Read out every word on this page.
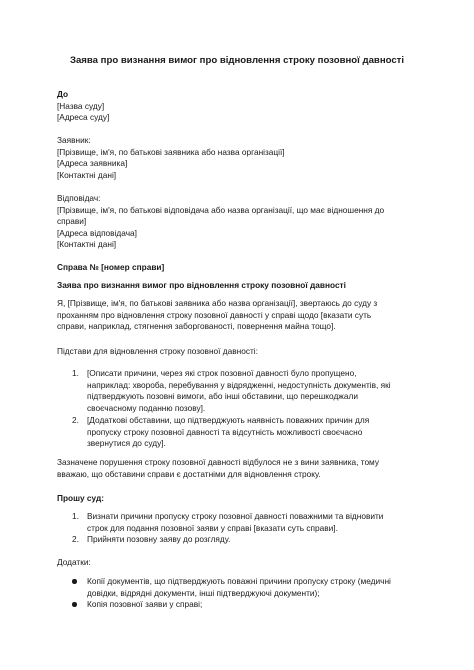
Заява про визнання вимог про відновлення строку позовної давності
До
[Назва суду]
[Адреса суду]
Заявник:
[Прізвище, ім'я, по батькові заявника або назва організації]
[Адреса заявника]
[Контактні дані]
Відповідач:
[Прізвище, ім'я, по батькові відповідача або назва організації, що має відношення до
справи]
[Адреса відповідача]
[Контактні дані]
Справа № [номер справи]
Заява про визнання вимог про відновлення строку позовної давності
Я, [Прізвище, ім'я, по батькові заявника або назва організації], звертаюсь до суду з
проханням про відновлення строку позовної давності у справі щодо [вказати суть
справи, наприклад, стягнення заборгованості, повернення майна тощо].
Підстави для відновлення строку позовної давності:
1. [Описати причини, через які строк позовної давності було пропущено,
наприклад: хвороба, перебування у відрядженні, недоступність документів, які
підтверджують позовні вимоги, або інші обставини, що перешкоджали
своєчасному поданню позову].
2. [Додаткові обставини, що підтверджують наявність поважних причин для
пропуску строку позовної давності та відсутність можливості своєчасно
звернутися до суду].
Зазначене порушення строку позовної давності відбулося не з вини заявника, тому
вважаю, що обставини справи є достатніми для відновлення строку.
Прошу суд:
1. Визнати причини пропуску строку позовної давності поважними та відновити
строк для подання позовної заяви у справі [вказати суть справи].
2. Прийняти позовну заяву до розгляду.
Додатки:
Копії документів, що підтверджують поважні причини пропуску строку (медичні
довідки, відрядні документи, інші підтверджуючі документи);
Копія позовної заяви у справі;
